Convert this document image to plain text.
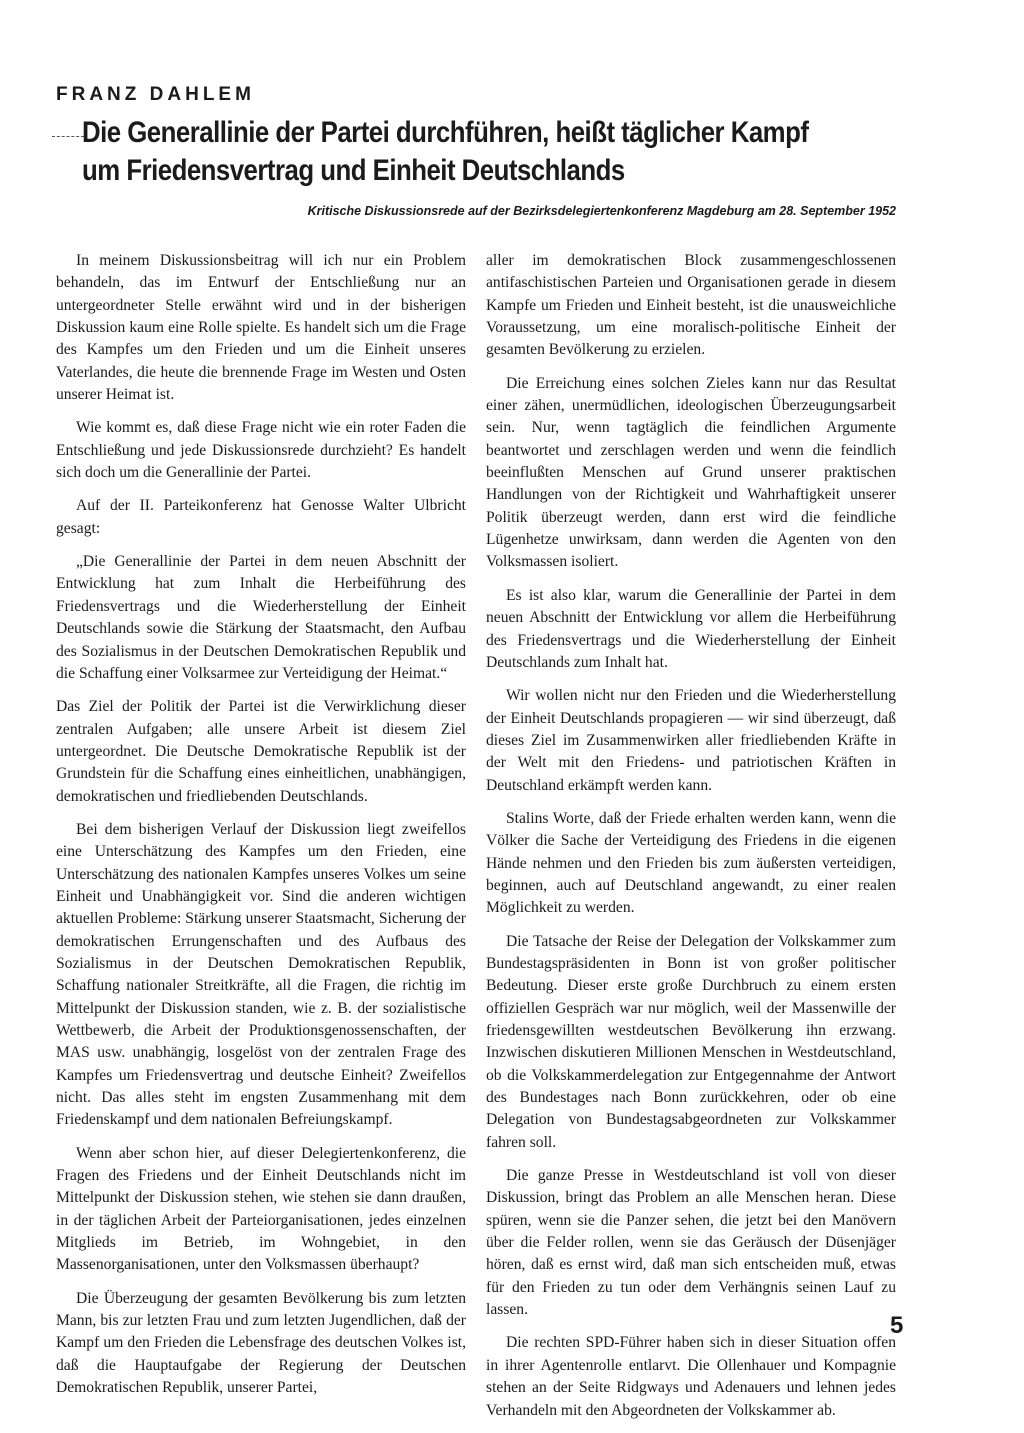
FRANZ DAHLEM

Die Generallinie der Partei durchführen, heißt täglicher Kampf
um Friedensvertrag und Einheit Deutschlands

Kritische Diskussionsrede auf der Bezirksdelegiertenkonferenz Magdeburg am 28. September 1952

In meinem Diskussionsbeitrag will ich nur ein Problem behandeln, das im Entwurf der Entschließung nur an untergeordneter Stelle erwähnt wird und in der bisherigen Diskussion kaum eine Rolle spielte. Es handelt sich um die Frage des Kampfes um den Frieden und um die Einheit unseres Vaterlandes, die heute die brennende Frage im Westen und Osten unserer Heimat ist.

Wie kommt es, daß diese Frage nicht wie ein roter Faden die Entschließung und jede Diskussionsrede durchzieht? Es handelt sich doch um die Generallinie der Partei.

Auf der II. Parteikonferenz hat Genosse Walter Ulbricht gesagt:

„Die Generallinie der Partei in dem neuen Abschnitt der Entwicklung hat zum Inhalt die Herbeiführung des Friedensvertrags und die Wiederherstellung der Einheit Deutschlands sowie die Stärkung der Staatsmacht, den Aufbau des Sozialismus in der Deutschen Demokratischen Republik und die Schaffung einer Volksarmee zur Verteidigung der Heimat.“

Das Ziel der Politik der Partei ist die Verwirklichung dieser zentralen Aufgaben; alle unsere Arbeit ist diesem Ziel untergeordnet. Die Deutsche Demokratische Republik ist der Grundstein für die Schaffung eines einheitlichen, unabhängigen, demokratischen und friedliebenden Deutschlands.

Bei dem bisherigen Verlauf der Diskussion liegt zweifellos eine Unterschätzung des Kampfes um den Frieden, eine Unterschätzung des nationalen Kampfes unseres Volkes um seine Einheit und Unabhängigkeit vor. Sind die anderen wichtigen aktuellen Probleme: Stärkung unserer Staatsmacht, Sicherung der demokratischen Errungenschaften und des Aufbaus des Sozialismus in der Deutschen Demokratischen Republik, Schaffung nationaler Streitkräfte, all die Fragen, die richtig im Mittelpunkt der Diskussion standen, wie z. B. der sozialistische Wettbewerb, die Arbeit der Produktionsgenossenschaften, der MAS usw. unabhängig, losgelöst von der zentralen Frage des Kampfes um Friedensvertrag und deutsche Einheit? Zweifellos nicht. Das alles steht im engsten Zusammenhang mit dem Friedenskampf und dem nationalen Befreiungskampf.

Wenn aber schon hier, auf dieser Delegiertenkonferenz, die Fragen des Friedens und der Einheit Deutschlands nicht im Mittelpunkt der Diskussion stehen, wie stehen sie dann draußen, in der täglichen Arbeit der Parteiorganisationen, jedes einzelnen Mitglieds im Betrieb, im Wohngebiet, in den Massenorganisationen, unter den Volksmassen überhaupt?

Die Überzeugung der gesamten Bevölkerung bis zum letzten Mann, bis zur letzten Frau und zum letzten Jugendlichen, daß der Kampf um den Frieden die Lebensfrage des deutschen Volkes ist, daß die Hauptaufgabe der Regierung der Deutschen Demokratischen Republik, unserer Partei,

aller im demokratischen Block zusammengeschlossenen antifaschistischen Parteien und Organisationen gerade in diesem Kampfe um Frieden und Einheit besteht, ist die unausweichliche Voraussetzung, um eine moralisch-politische Einheit der gesamten Bevölkerung zu erzielen.

Die Erreichung eines solchen Zieles kann nur das Resultat einer zähen, unermüdlichen, ideologischen Überzeugungsarbeit sein. Nur, wenn tagtäglich die feindlichen Argumente beantwortet und zerschlagen werden und wenn die feindlich beeinflußten Menschen auf Grund unserer praktischen Handlungen von der Richtigkeit und Wahrhaftigkeit unserer Politik überzeugt werden, dann erst wird die feindliche Lügenhetze unwirksam, dann werden die Agenten von den Volksmassen isoliert.

Es ist also klar, warum die Generallinie der Partei in dem neuen Abschnitt der Entwicklung vor allem die Herbeiführung des Friedensvertrags und die Wiederherstellung der Einheit Deutschlands zum Inhalt hat.

Wir wollen nicht nur den Frieden und die Wiederherstellung der Einheit Deutschlands propagieren — wir sind überzeugt, daß dieses Ziel im Zusammenwirken aller friedliebenden Kräfte in der Welt mit den Friedens- und patriotischen Kräften in Deutschland erkämpft werden kann.

Stalins Worte, daß der Friede erhalten werden kann, wenn die Völker die Sache der Verteidigung des Friedens in die eigenen Hände nehmen und den Frieden bis zum äußersten verteidigen, beginnen, auch auf Deutschland angewandt, zu einer realen Möglichkeit zu werden.

Die Tatsache der Reise der Delegation der Volkskammer zum Bundestagspräsidenten in Bonn ist von großer politischer Bedeutung. Dieser erste große Durchbruch zu einem ersten offiziellen Gespräch war nur möglich, weil der Massenwille der friedensgewillten westdeutschen Bevölkerung ihn erzwang. Inzwischen diskutieren Millionen Menschen in Westdeutschland, ob die Volkskammerdelegation zur Entgegennahme der Antwort des Bundestages nach Bonn zurückkehren, oder ob eine Delegation von Bundestagsabgeordneten zur Volkskammer fahren soll.

Die ganze Presse in Westdeutschland ist voll von dieser Diskussion, bringt das Problem an alle Menschen heran. Diese spüren, wenn sie die Panzer sehen, die jetzt bei den Manövern über die Felder rollen, wenn sie das Geräusch der Düsenjäger hören, daß es ernst wird, daß man sich entscheiden muß, etwas für den Frieden zu tun oder dem Verhängnis seinen Lauf zu lassen.

Die rechten SPD-Führer haben sich in dieser Situation offen in ihrer Agentenrolle entlarvt. Die Ollenhauer und Kompagnie stehen an der Seite Ridgways und Adenauers und lehnen jedes Verhandeln mit den Abgeordneten der Volkskammer ab.

5
